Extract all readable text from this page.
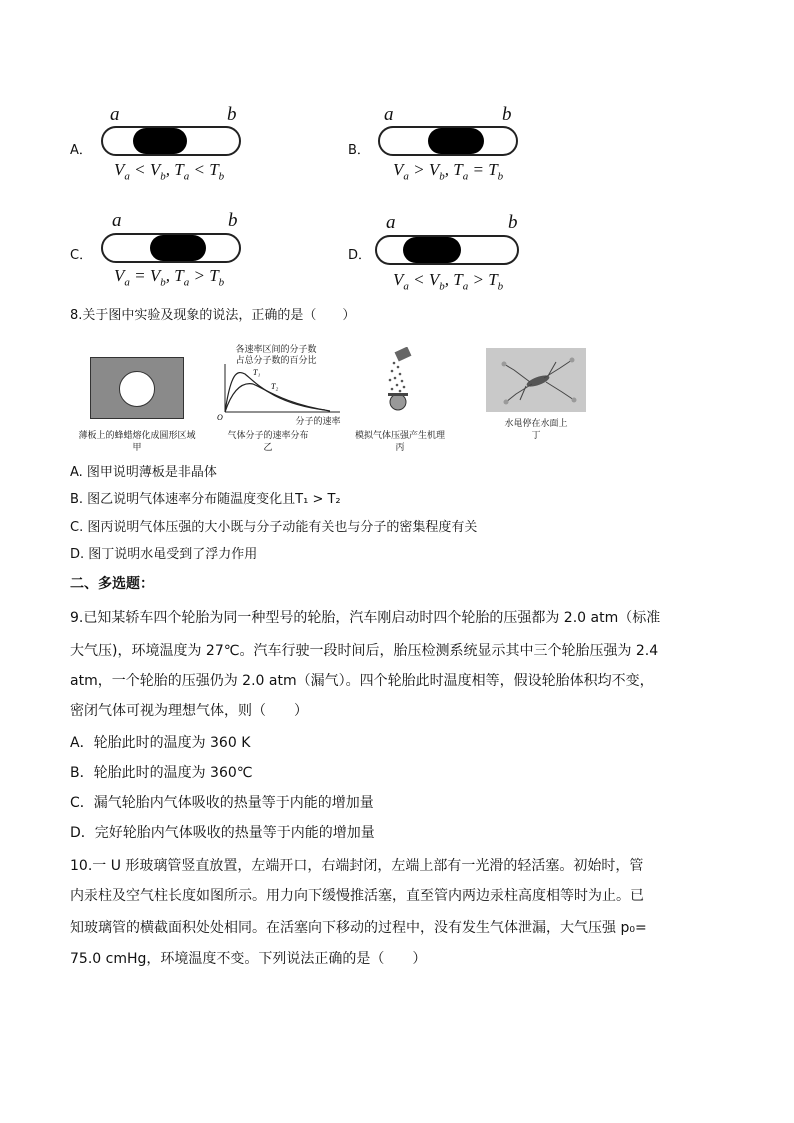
A．
a	b
$V_a < V_b$, $T_a < T_b$
B．
a	b
$V_a > V_b$, $T_a = T_b$
C．
a	b
$V_a = V_b$, $T_a > T_b$
D．
a	b
$V_a < V_b$, $T_a > T_b$
8.关于图中实验及现象的说法，正确的是（　　）
薄板上的蜂蜡熔化成圆形区域
甲
各速率区间的分子数
占总分子数的百分比
T₁
T₂
O	分子的速率
气体分子的速率分布
乙
模拟气体压强产生机理
丙
水黾停在水面上
丁
A. 图甲说明薄板是非晶体
B. 图乙说明气体速率分布随温度变化且T₁ > T₂
C. 图丙说明气体压强的大小既与分子动能有关也与分子的密集程度有关
D. 图丁说明水黾受到了浮力作用
二、多选题：
9.已知某轿车四个轮胎为同一种型号的轮胎，汽车刚启动时四个轮胎的压强都为 2.0 atm（标准
大气压)，环境温度为 27℃。汽车行驶一段时间后，胎压检测系统显示其中三个轮胎压强为 2.4
atm，一个轮胎的压强仍为 2.0 atm（漏气）。四个轮胎此时温度相等，假设轮胎体积均不变，
密闭气体可视为理想气体，则（　　）
A．轮胎此时的温度为 360 K
B．轮胎此时的温度为 360℃
C．漏气轮胎内气体吸收的热量等于内能的增加量
D．完好轮胎内气体吸收的热量等于内能的增加量
10.一 U 形玻璃管竖直放置，左端开口，右端封闭，左端上部有一光滑的轻活塞。初始时，管
内汞柱及空气柱长度如图所示。用力向下缓慢推活塞，直至管内两边汞柱高度相等时为止。已
知玻璃管的横截面积处处相同。在活塞向下移动的过程中，没有发生气体泄漏，大气压强 p₀=
75.0 cmHg，环境温度不变。下列说法正确的是（　　）
